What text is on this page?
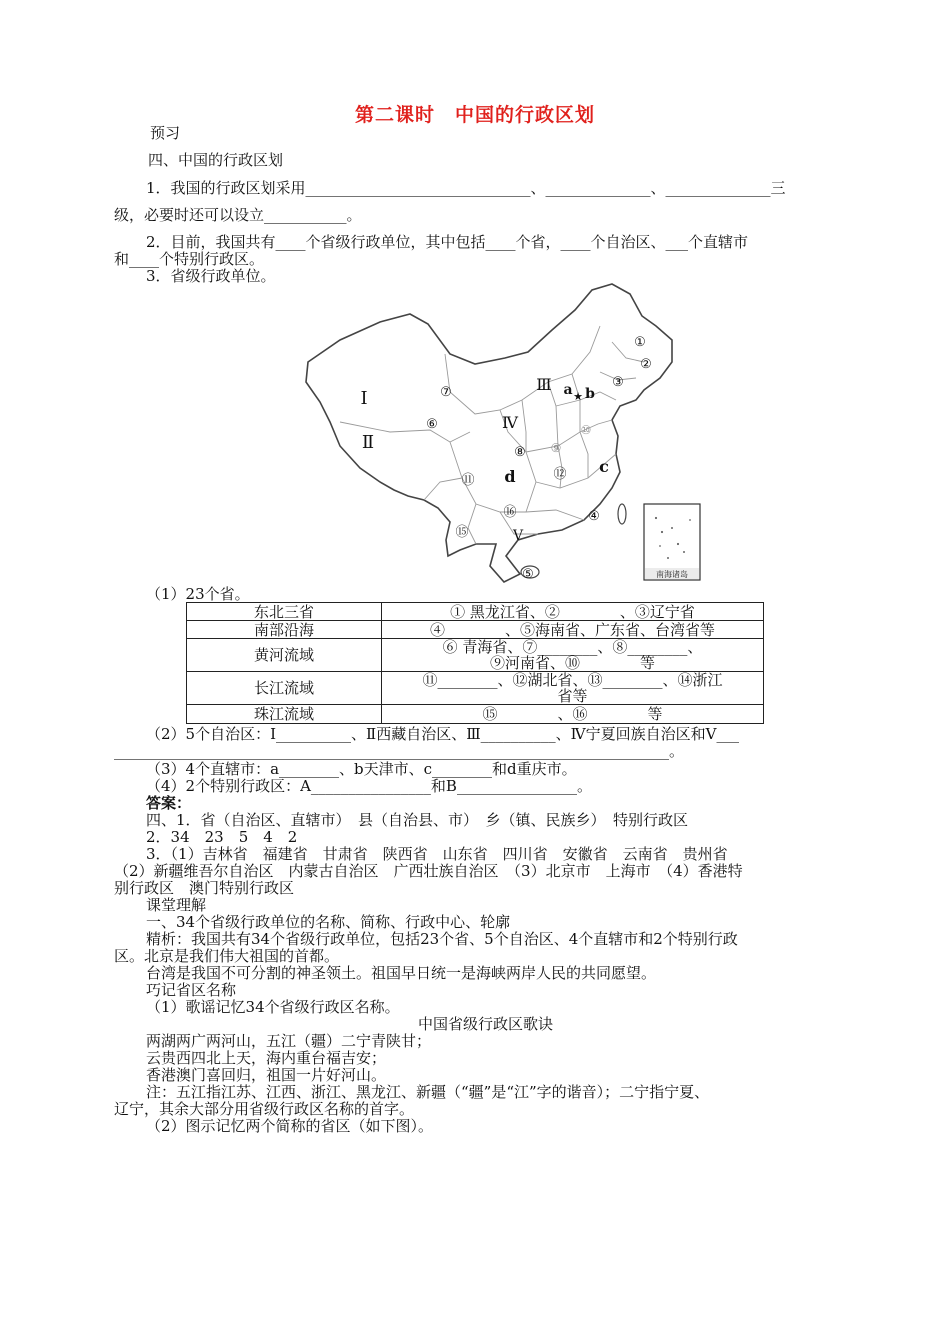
第二课时　中国的行政区划
预习
四、中国的行政区划
1．我国的行政区划采用______________________________、______________、______________三
级，必要时还可以设立___________。
2．目前，我国共有____个省级行政单位，其中包括____个省，____个自治区、___个直辖市
和____个特别行政区。
3．省级行政单位。
南海诸岛
①
②
③
Ⅲ a b
★
⑦
Ⅰ
Ⅱ
⑥	Ⅳ	⑩
⑧ ⑨
c
d	⑫
⑪
⑯	④
⑮	Ⅴ
⑤
（1）23个省。
东北三省	① 黑龙江省、②　　　　、③辽宁省
南部沿海	④　　　　、⑤海南省、广东省、台湾省等
黄河流域	⑥ 青海省、⑦________、⑧________、
⑨河南省、⑩　　　　等

长江流域	⑪________、⑫湖北省、⑬________、⑭浙江
省等

珠江流域	⑮　　　　、⑯　　　　等
（2）5个自治区：Ⅰ__________、Ⅱ西藏自治区、Ⅲ__________、Ⅳ宁夏回族自治区和Ⅴ___
__________________________________________________________________________。
（3）4个直辖市：a________、b天津市、c________和d重庆市。
（4）2个特别行政区：A________________和B________________。
答案：
四、1．省（自治区、直辖市）　县（自治县、市）　乡（镇、民族乡）　特别行政区
2．34　23　5　4　2
3．（1）吉林省　福建省　甘肃省　陕西省　山东省　四川省　安徽省　云南省　贵州省
（2）新疆维吾尔自治区　内蒙古自治区　广西壮族自治区　（3）北京市　上海市　（4）香港特
别行政区　澳门特别行政区
课堂理解
一、34个省级行政单位的名称、简称、行政中心、轮廓
精析：我国共有34个省级行政单位，包括23个省、5个自治区、4个直辖市和2个特别行政
区。北京是我们伟大祖国的首都。
台湾是我国不可分割的神圣领土。祖国早日统一是海峡两岸人民的共同愿望。
巧记省区名称
（1）歌谣记忆34个省级行政区名称。
中国省级行政区歌诀
两湖两广两河山，五江（疆）二宁青陕甘；
云贵西四北上天，海内重台福吉安；
香港澳门喜回归，祖国一片好河山。
注：五江指江苏、江西、浙江、黑龙江、新疆（“疆”是“江”字的谐音）；二宁指宁夏、
辽宁，其余大部分用省级行政区名称的首字。
（2）图示记忆两个简称的省区（如下图）。
